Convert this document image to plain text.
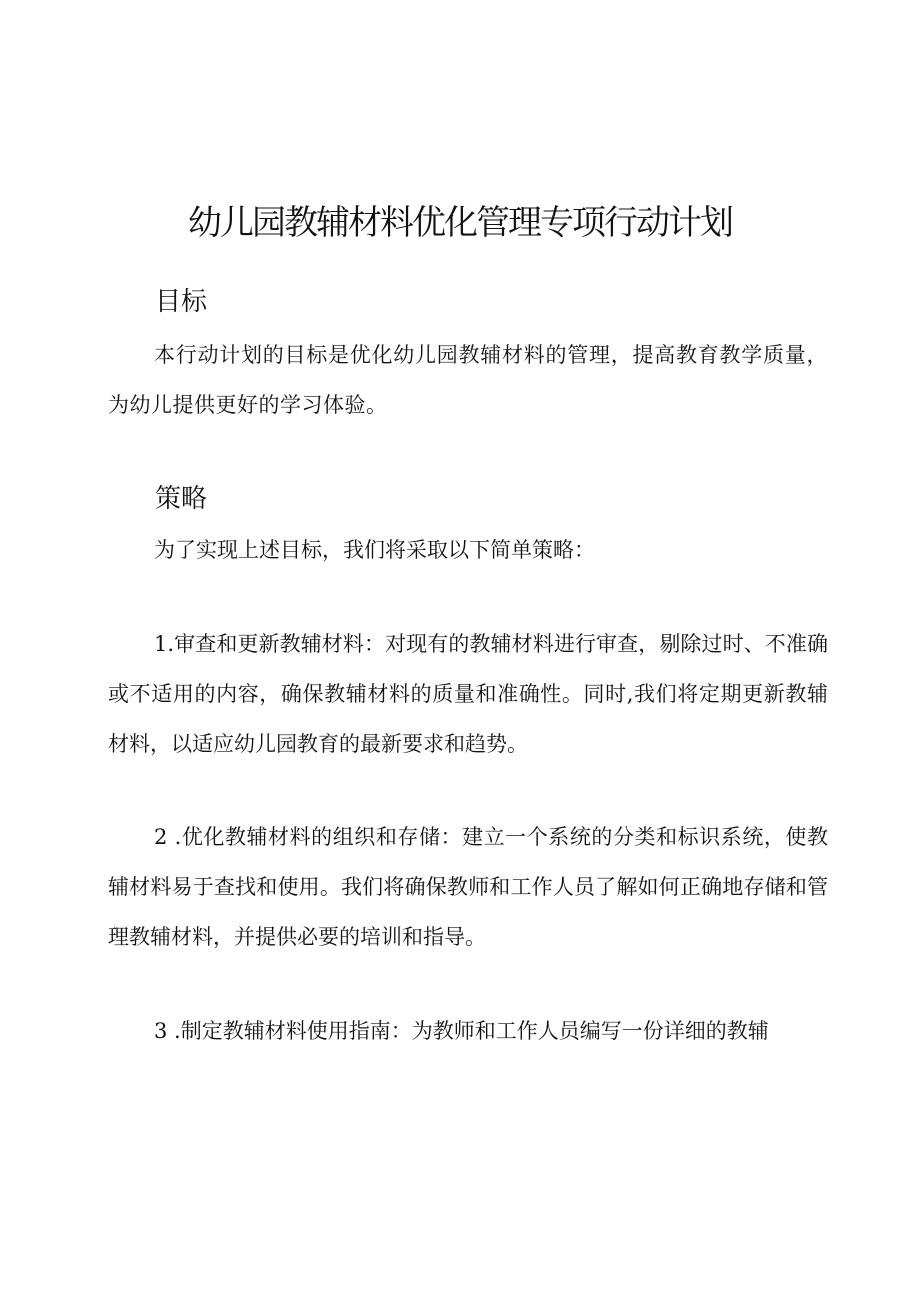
幼儿园教辅材料优化管理专项行动计划
目标

本行动计划的目标是优化幼儿园教辅材料的管理，提高教育教学质量，为幼儿提供更好的学习体验。

策略

为了实现上述目标，我们将采取以下简单策略：

1.审查和更新教辅材料：对现有的教辅材料进行审查，剔除过时、不准确或不适用的内容，确保教辅材料的质量和准确性。同时,我们将定期更新教辅材料，以适应幼儿园教育的最新要求和趋势。

2 .优化教辅材料的组织和存储：建立一个系统的分类和标识系统，使教辅材料易于查找和使用。我们将确保教师和工作人员了解如何正确地存储和管理教辅材料，并提供必要的培训和指导。

3 .制定教辅材料使用指南：为教师和工作人员编写一份详细的教辅
